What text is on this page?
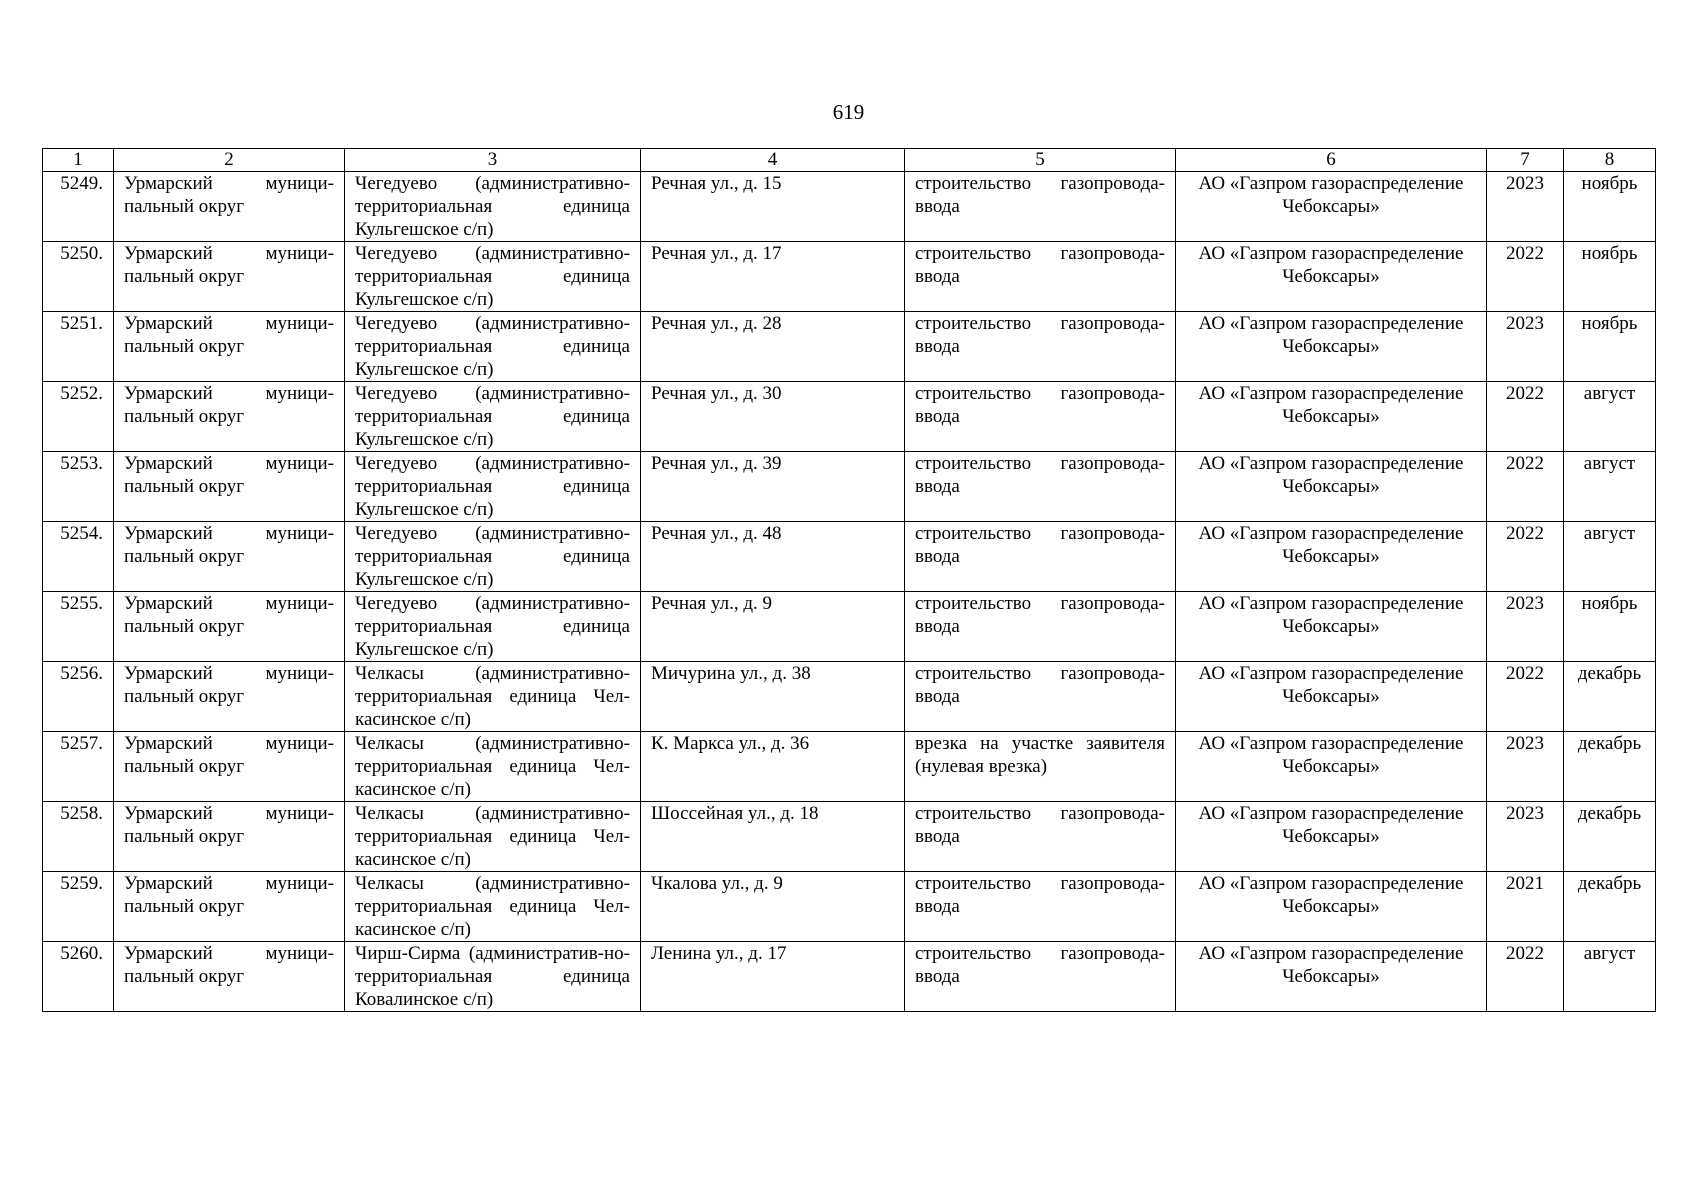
619
1	2	3	4	5	6	7	8

5249.	Урмарский муници-пальный округ	Чегедуево (административно-территориальная единица Кульгешское с/п)	Речная ул., д. 15	строительство газопровода-ввода	АО «Газпром газораспределение Чебоксары»	2023	ноябрь

5250.	Урмарский муници-пальный округ	Чегедуево (административно-территориальная единица Кульгешское с/п)	Речная ул., д. 17	строительство газопровода-ввода	АО «Газпром газораспределение Чебоксары»	2022	ноябрь

5251.	Урмарский муници-пальный округ	Чегедуево (административно-территориальная единица Кульгешское с/п)	Речная ул., д. 28	строительство газопровода-ввода	АО «Газпром газораспределение Чебоксары»	2023	ноябрь

5252.	Урмарский муници-пальный округ	Чегедуево (административно-территориальная единица Кульгешское с/п)	Речная ул., д. 30	строительство газопровода-ввода	АО «Газпром газораспределение Чебоксары»	2022	август

5253.	Урмарский муници-пальный округ	Чегедуево (административно-территориальная единица Кульгешское с/п)	Речная ул., д. 39	строительство газопровода-ввода	АО «Газпром газораспределение Чебоксары»	2022	август

5254.	Урмарский муници-пальный округ	Чегедуево (административно-территориальная единица Кульгешское с/п)	Речная ул., д. 48	строительство газопровода-ввода	АО «Газпром газораспределение Чебоксары»	2022	август

5255.	Урмарский муници-пальный округ	Чегедуево (административно-территориальная единица Кульгешское с/п)	Речная ул., д. 9	строительство газопровода-ввода	АО «Газпром газораспределение Чебоксары»	2023	ноябрь

5256.	Урмарский муници-пальный округ	Челкасы (административно-территориальная единица Чел-касинское с/п)	Мичурина ул., д. 38	строительство газопровода-ввода	АО «Газпром газораспределение Чебоксары»	2022	декабрь

5257.	Урмарский муници-пальный округ	Челкасы (административно-территориальная единица Чел-касинское с/п)	К. Маркса ул., д. 36	врезка на участке заявителя (нулевая врезка)	АО «Газпром газораспределение Чебоксары»	2023	декабрь

5258.	Урмарский муници-пальный округ	Челкасы (административно-территориальная единица Чел-касинское с/п)	Шоссейная ул., д. 18	строительство газопровода-ввода	АО «Газпром газораспределение Чебоксары»	2023	декабрь

5259.	Урмарский муници-пальный округ	Челкасы (административно-территориальная единица Чел-касинское с/п)	Чкалова ул., д. 9	строительство газопровода-ввода	АО «Газпром газораспределение Чебоксары»	2021	декабрь

5260.	Урмарский муници-пальный округ	Чирш-Сирма (административ-но-территориальная единица Ковалинское с/п)	Ленина ул., д. 17	строительство газопровода-ввода	АО «Газпром газораспределение Чебоксары»	2022	август
